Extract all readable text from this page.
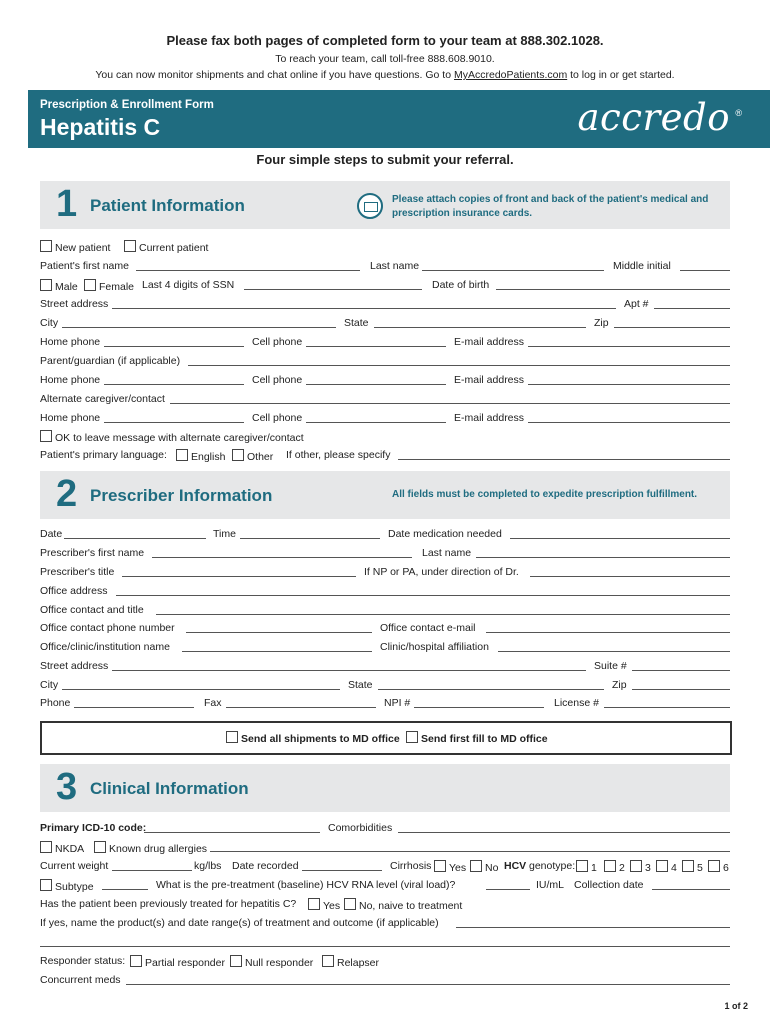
Please fax both pages of completed form to your team at 888.302.1028.
To reach your team, call toll-free 888.608.9010.
You can now monitor shipments and chat online if you have questions. Go to MyAccredoPatients.com to log in or get started.
Prescription & Enrollment Form
Hepatitis C	accredo ®
Four simple steps to submit your referral.
1 Patient Information	Please attach copies of front and back of the patient's medical and prescription insurance cards.
New patient	Current patient
Patient's first name	Last name	Middle initial
Male	Female Last 4 digits of SSN	Date of birth
Street address	Apt #
City	State	Zip
Home phone	Cell phone	E-mail address
Parent/guardian (if applicable)
Home phone	Cell phone	E-mail address
Alternate caregiver/contact
Home phone	Cell phone	E-mail address
OK to leave message with alternate caregiver/contact
Patient's primary language:	English	Other If other, please specify
2 Prescriber Information	All fields must be completed to expedite prescription fulfillment.
Date	Time	Date medication needed
Prescriber's first name	Last name
Prescriber's title	If NP or PA, under direction of Dr.
Office address
Office contact and title
Office contact phone number	Office contact e-mail
Office/clinic/institution name	Clinic/hospital affiliation
Street address	Suite #
City	State	Zip
Phone	Fax	NPI #	License #
Send all shipments to MD office	Send first fill to MD office
3 Clinical Information
Primary ICD-10 code:	Comorbidities
NKDA	Known drug allergies
Current weight	kg/lbs Date recorded	Cirrhosis	Yes	No HCV genotype:	1	2	3	4	5	6
Subtype	What is the pre-treatment (baseline) HCV RNA level (viral load)?	IU/mL Collection date
Has the patient been previously treated for hepatitis C?	Yes	No, naive to treatment
If yes, name the product(s) and date range(s) of treatment and outcome (if applicable)
Responder status:	Partial responder	Null responder	Relapser
Concurrent meds
1 of 2
